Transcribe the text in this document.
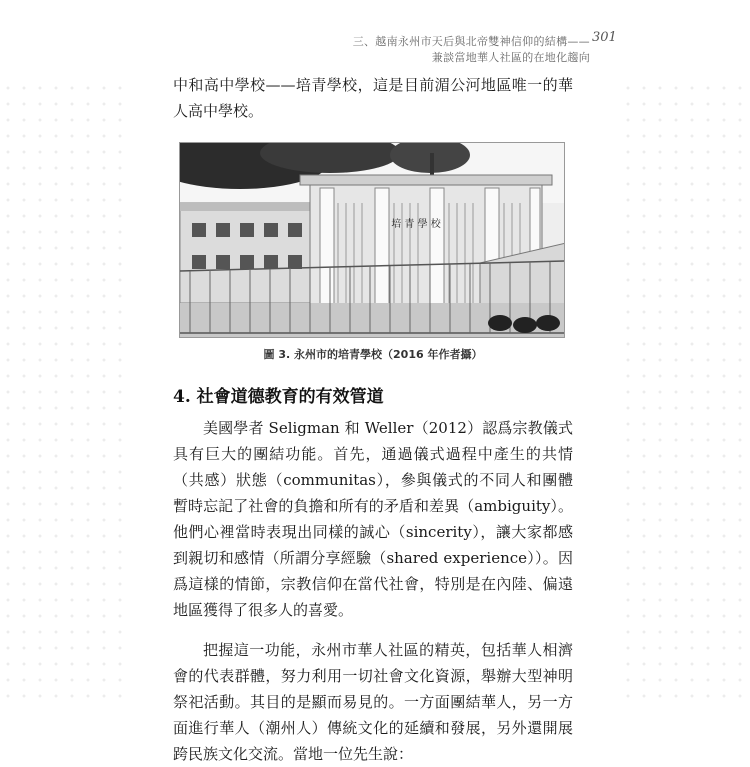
三、越南永州市天后與北帝雙神信仰的結構——
兼談當地華人社區的在地化趨向
301

中和高中學校——培青學校，這是目前湄公河地區唯一的華人高中學校。

培 青 學 校
圖 3. 永州市的培青學校（2016 年作者攝）
4. 社會道德教育的有效管道

美國學者 Seligman 和 Weller（2012）認爲宗教儀式具有巨大的團結功能。首先，通過儀式過程中產生的共情（共感）狀態（communitas），參與儀式的不同人和團體暫時忘記了社會的負擔和所有的矛盾和差異（ambiguity）。他們心裡當時表現出同樣的誠心（sincerity），讓大家都感到親切和感情（所謂分享經驗（shared experience））。因爲這樣的情節，宗教信仰在當代社會，特別是在內陸、偏遠地區獲得了很多人的喜愛。

把握這一功能，永州市華人社區的精英，包括華人相濟會的代表群體，努力利用一切社會文化資源，舉辦大型神明祭祀活動。其目的是顯而易見的。一方面團結華人，另一方面進行華人（潮州人）傳統文化的延續和發展，另外還開展跨民族文化交流。當地一位先生說：
